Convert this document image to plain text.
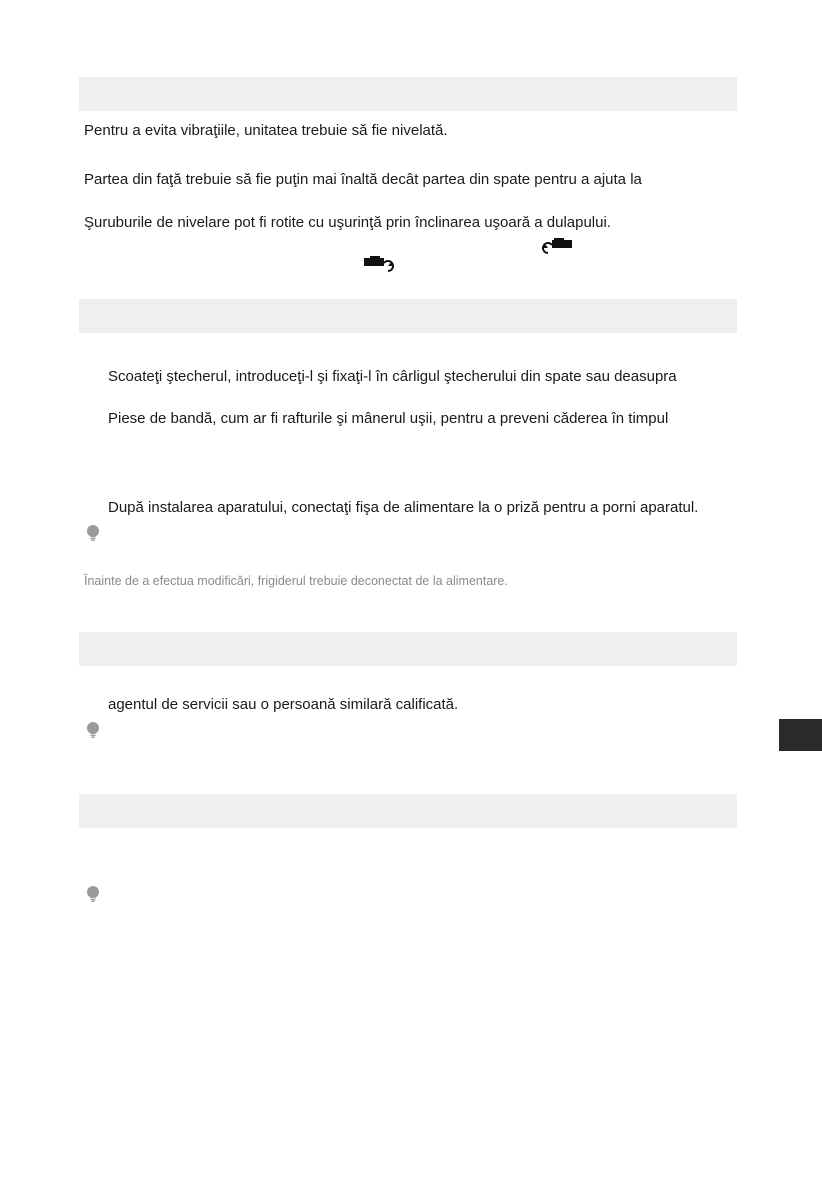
Pentru a evita vibraţiile, unitatea trebuie să fie nivelată.
Partea din faţă trebuie să fie puţin mai înaltă decât partea din spate pentru a ajuta la
Şuruburile de nivelare pot fi rotite cu uşurinţă prin înclinarea uşoară a dulapului.
Scoateţi ştecherul, introduceţi-l şi fixaţi-l în cârligul ştecherului din spate sau deasupra
Piese de bandă, cum ar fi rafturile şi mânerul uşii, pentru a preveni căderea în timpul
După instalarea aparatului, conectaţi fişa de alimentare la o priză pentru a porni aparatul.
Înainte de a efectua modificări, frigiderul trebuie deconectat de la alimentare.
agentul de servicii sau o persoană similară calificată.
